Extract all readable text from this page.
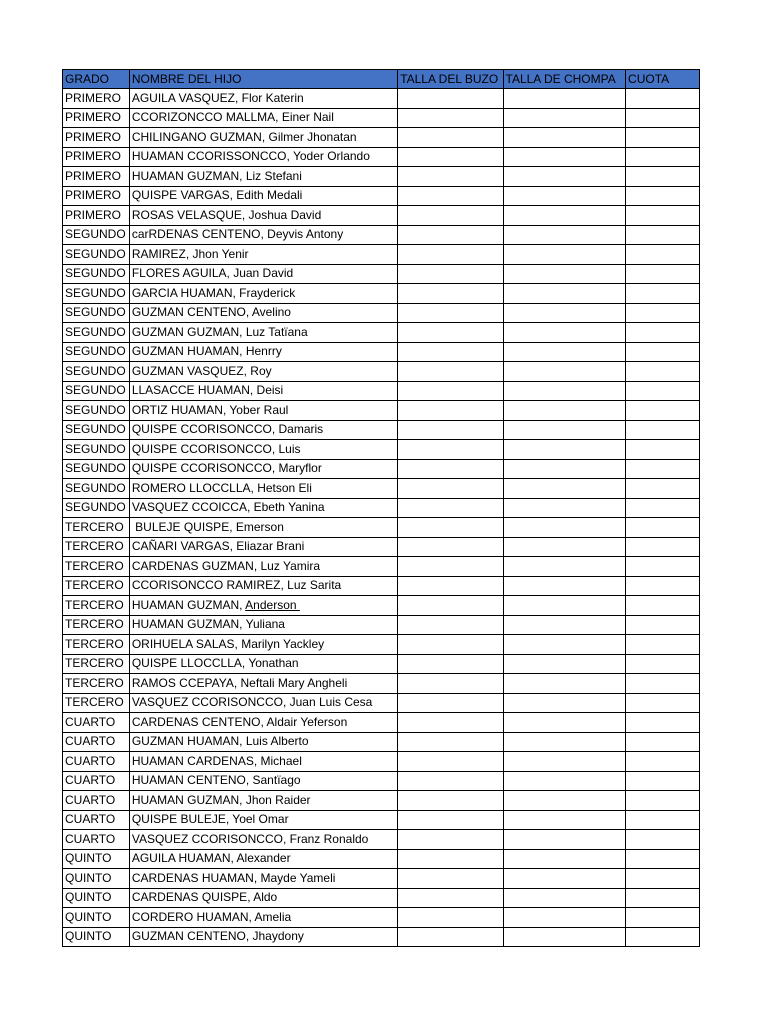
GRADO	NOMBRE DEL HIJO	TALLA DEL BUZO	TALLA DE CHOMPA	CUOTA
PRIMERO	AGUILA VASQUEZ, Flor Katerin			
PRIMERO	CCORIZONCCO MALLMA, Einer Nail			
PRIMERO	CHILINGANO GUZMAN, Gilmer Jhonatan			
PRIMERO	HUAMAN CCORISSONCCO, Yoder Orlando			
PRIMERO	HUAMAN GUZMAN, Liz Stefani			
PRIMERO	QUISPE VARGAS, Edith Medali			
PRIMERO	ROSAS VELASQUE, Joshua David			
SEGUNDO	carRDENAS CENTENO, Deyvis Antony			
SEGUNDO	RAMIREZ, Jhon Yenir			
SEGUNDO	FLORES AGUILA, Juan David			
SEGUNDO	GARCIA HUAMAN, Frayderick			
SEGUNDO	GUZMAN CENTENO, Avelino			
SEGUNDO	GUZMAN GUZMAN, Luz Tatïana			
SEGUNDO	GUZMAN HUAMAN, Henrry			
SEGUNDO	GUZMAN VASQUEZ, Roy			
SEGUNDO	LLASACCE HUAMAN, Deisi			
SEGUNDO	ORTIZ HUAMAN, Yober Raul			
SEGUNDO	QUISPE CCORISONCCO, Damaris			
SEGUNDO	QUISPE CCORISONCCO, Luis			
SEGUNDO	QUISPE CCORISONCCO, Maryflor			
SEGUNDO	ROMERO LLOCCLLA, Hetson Eli			
SEGUNDO	VASQUEZ CCOICCA, Ebeth Yanina			
TERCERO	BULEJE QUISPE, Emerson			
TERCERO	CAÑARI VARGAS, Eliazar Brani			
TERCERO	CARDENAS GUZMAN, Luz Yamira			
TERCERO	CCORISONCCO RAMIREZ, Luz Sarita			
TERCERO	HUAMAN GUZMAN, Anderson			
TERCERO	HUAMAN GUZMAN, Yuliana			
TERCERO	ORIHUELA SALAS, Marilyn Yackley			
TERCERO	QUISPE LLOCCLLA, Yonathan			
TERCERO	RAMOS CCEPAYA, Neftali Mary Angheli			
TERCERO	VASQUEZ CCORISONCCO, Juan Luis Cesa			
CUARTO	CARDENAS CENTENO, Aldair Yeferson			
CUARTO	GUZMAN HUAMAN, Luis Alberto			
CUARTO	HUAMAN CARDENAS, Michael			
CUARTO	HUAMAN CENTENO, Santïago			
CUARTO	HUAMAN GUZMAN, Jhon Raider			
CUARTO	QUISPE BULEJE, Yoel Omar			
CUARTO	VASQUEZ CCORISONCCO, Franz Ronaldo			
QUINTO	AGUILA HUAMAN, Alexander			
QUINTO	CARDENAS HUAMAN, Mayde Yameli			
QUINTO	CARDENAS QUISPE, Aldo			
QUINTO	CORDERO HUAMAN, Amelia			
QUINTO	GUZMAN CENTENO, Jhaydony			
